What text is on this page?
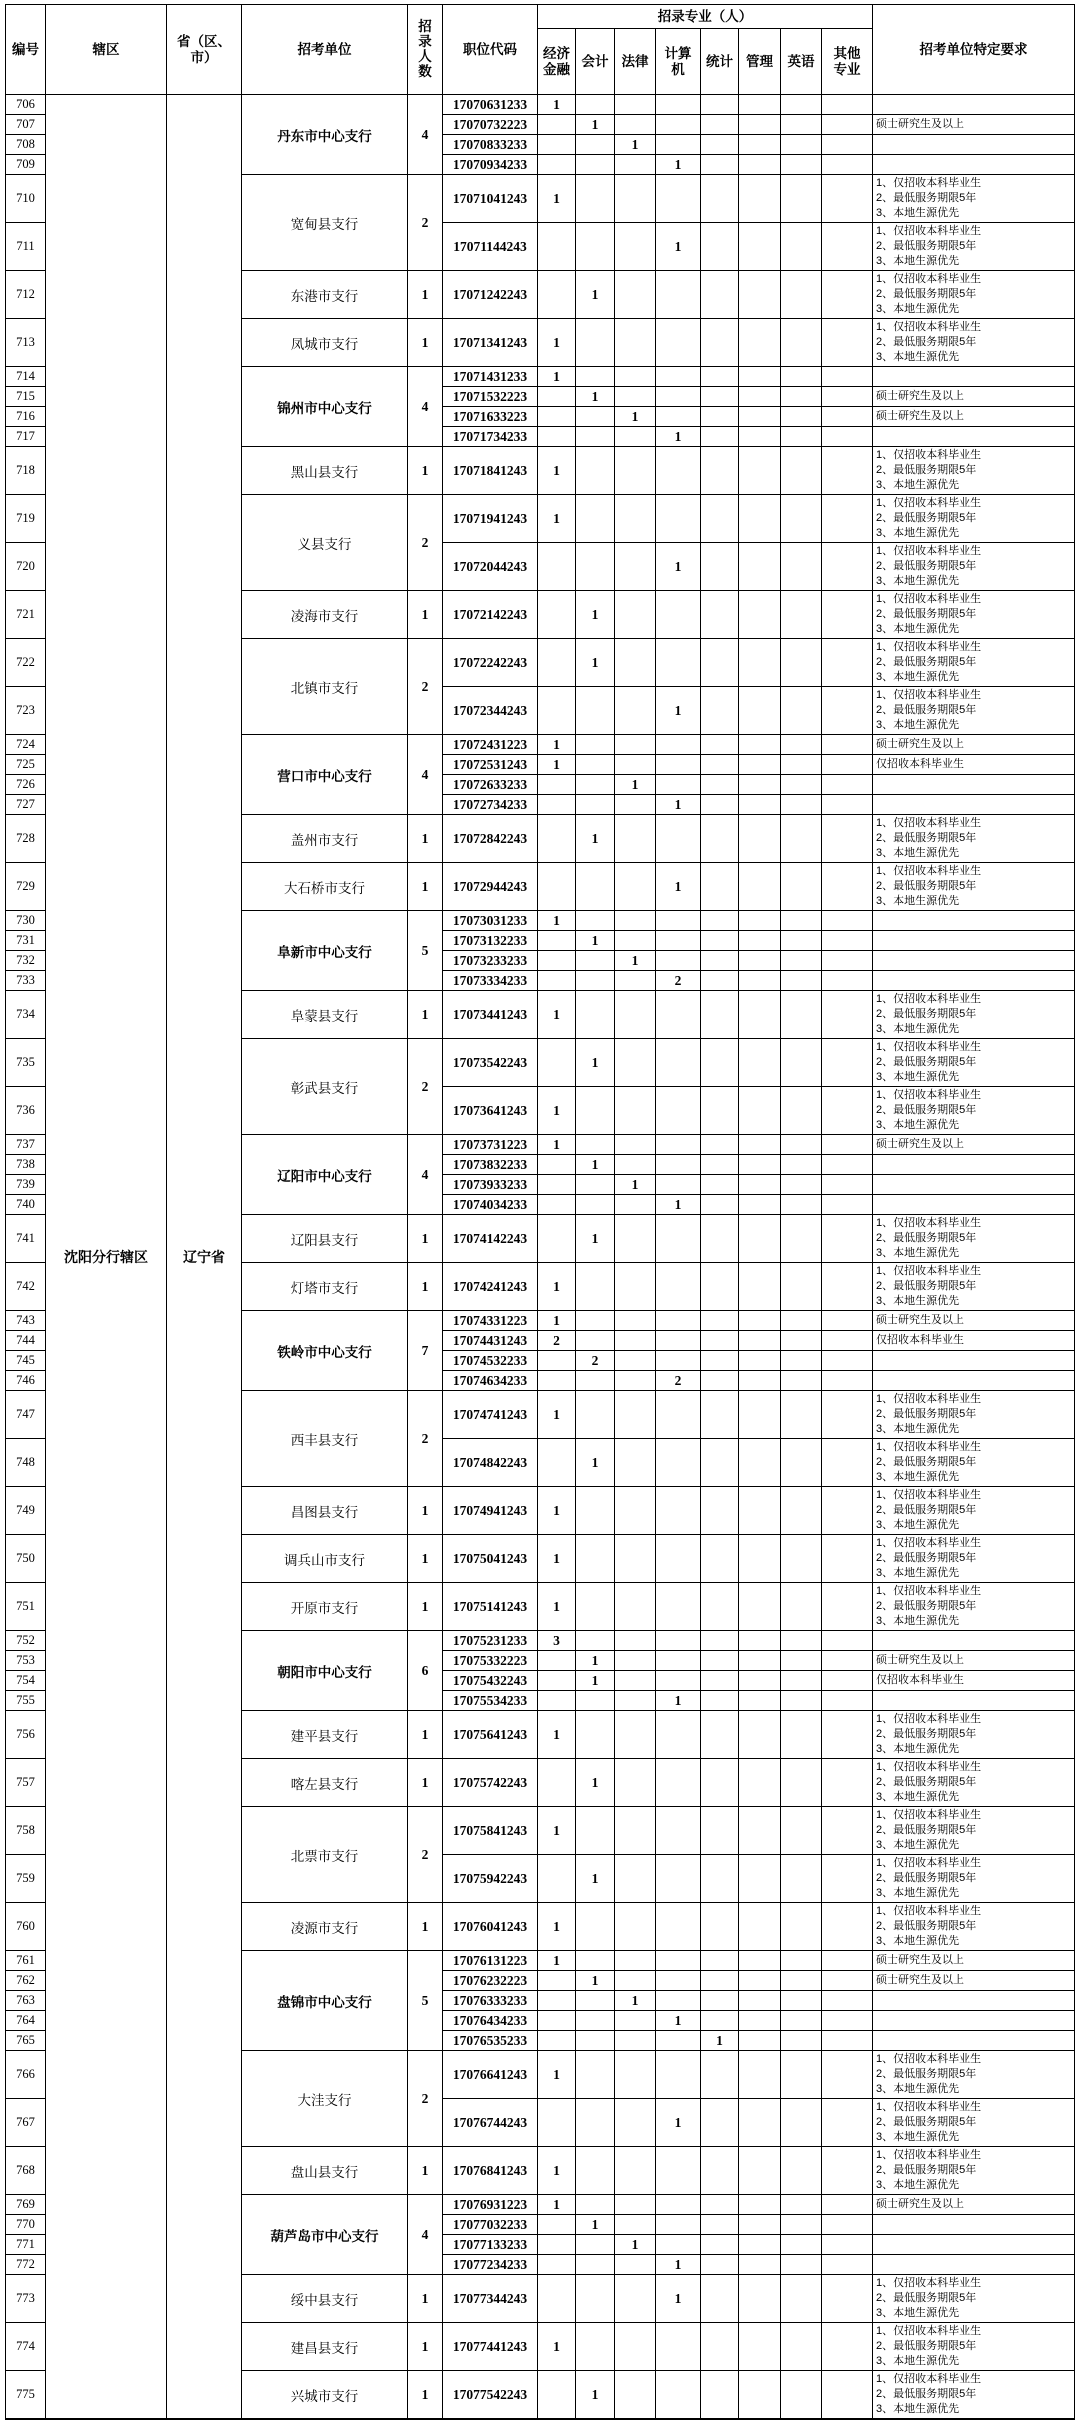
编号	辖区	省（区、市）	招考单位	招录人数	职位代码	招录专业（人）								招考单位特定要求
						经济金融	会计	法律	计算机	统计	管理	英语	其他专业	
706	沈阳分行辖区	辽宁省	丹东市中心支行	4	17070631233	1								
707					17070732223		1							硕士研究生及以上
708					17070833233			1						
709					17070934233				1					
710			宽甸县支行	2	17071041243	1								1、仅招收本科毕业生
2、最低服务期限5年
3、本地生源优先

711					17071144243				1					1、仅招收本科毕业生
2、最低服务期限5年
3、本地生源优先

712			东港市支行	1	17071242243		1							1、仅招收本科毕业生
2、最低服务期限5年
3、本地生源优先

713			凤城市支行	1	17071341243	1								1、仅招收本科毕业生
2、最低服务期限5年
3、本地生源优先

714			锦州市中心支行	4	17071431233	1								
715					17071532223		1							硕士研究生及以上
716					17071633223			1						硕士研究生及以上
717					17071734233				1					
718			黑山县支行	1	17071841243	1								1、仅招收本科毕业生
2、最低服务期限5年
3、本地生源优先

719			义县支行	2	17071941243	1								1、仅招收本科毕业生
2、最低服务期限5年
3、本地生源优先

720					17072044243				1					1、仅招收本科毕业生
2、最低服务期限5年
3、本地生源优先

721			凌海市支行	1	17072142243		1							1、仅招收本科毕业生
2、最低服务期限5年
3、本地生源优先

722			北镇市支行	2	17072242243		1							1、仅招收本科毕业生
2、最低服务期限5年
3、本地生源优先

723					17072344243				1					1、仅招收本科毕业生
2、最低服务期限5年
3、本地生源优先

724			营口市中心支行	4	17072431223	1								硕士研究生及以上
725					17072531243	1								仅招收本科毕业生
726					17072633233			1						
727					17072734233				1					
728			盖州市支行	1	17072842243		1							1、仅招收本科毕业生
2、最低服务期限5年
3、本地生源优先

729			大石桥市支行	1	17072944243				1					1、仅招收本科毕业生
2、最低服务期限5年
3、本地生源优先

730			阜新市中心支行	5	17073031233	1								
731					17073132233		1							
732					17073233233			1						
733					17073334233				2					
734			阜蒙县支行	1	17073441243	1								1、仅招收本科毕业生
2、最低服务期限5年
3、本地生源优先

735			彰武县支行	2	17073542243		1							1、仅招收本科毕业生
2、最低服务期限5年
3、本地生源优先

736					17073641243	1								1、仅招收本科毕业生
2、最低服务期限5年
3、本地生源优先

737			辽阳市中心支行	4	17073731223	1								硕士研究生及以上
738					17073832233		1							
739					17073933233			1						
740					17074034233				1					
741			辽阳县支行	1	17074142243		1							1、仅招收本科毕业生
2、最低服务期限5年
3、本地生源优先

742			灯塔市支行	1	17074241243	1								1、仅招收本科毕业生
2、最低服务期限5年
3、本地生源优先

743			铁岭市中心支行	7	17074331223	1								硕士研究生及以上
744					17074431243	2								仅招收本科毕业生
745					17074532233		2							
746					17074634233				2					
747			西丰县支行	2	17074741243	1								1、仅招收本科毕业生
2、最低服务期限5年
3、本地生源优先

748					17074842243		1							1、仅招收本科毕业生
2、最低服务期限5年
3、本地生源优先

749			昌图县支行	1	17074941243	1								1、仅招收本科毕业生
2、最低服务期限5年
3、本地生源优先

750			调兵山市支行	1	17075041243	1								1、仅招收本科毕业生
2、最低服务期限5年
3、本地生源优先

751			开原市支行	1	17075141243	1								1、仅招收本科毕业生
2、最低服务期限5年
3、本地生源优先

752			朝阳市中心支行	6	17075231233	3								
753					17075332223		1							硕士研究生及以上
754					17075432243		1							仅招收本科毕业生
755					17075534233				1					
756			建平县支行	1	17075641243	1								1、仅招收本科毕业生
2、最低服务期限5年
3、本地生源优先

757			喀左县支行	1	17075742243		1							1、仅招收本科毕业生
2、最低服务期限5年
3、本地生源优先

758			北票市支行	2	17075841243	1								1、仅招收本科毕业生
2、最低服务期限5年
3、本地生源优先

759					17075942243		1							1、仅招收本科毕业生
2、最低服务期限5年
3、本地生源优先

760			凌源市支行	1	17076041243	1								1、仅招收本科毕业生
2、最低服务期限5年
3、本地生源优先

761			盘锦市中心支行	5	17076131223	1								硕士研究生及以上
762					17076232223		1							硕士研究生及以上
763					17076333233			1						
764					17076434233				1					
765					17076535233					1				
766			大洼支行	2	17076641243	1								1、仅招收本科毕业生
2、最低服务期限5年
3、本地生源优先

767					17076744243				1					1、仅招收本科毕业生
2、最低服务期限5年
3、本地生源优先

768			盘山县支行	1	17076841243	1								1、仅招收本科毕业生
2、最低服务期限5年
3、本地生源优先

769			葫芦岛市中心支行	4	17076931223	1								硕士研究生及以上
770					17077032233		1							
771					17077133233			1						
772					17077234233				1					
773			绥中县支行	1	17077344243				1					1、仅招收本科毕业生
2、最低服务期限5年
3、本地生源优先

774			建昌县支行	1	17077441243	1								1、仅招收本科毕业生
2、最低服务期限5年
3、本地生源优先

775			兴城市支行	1	17077542243		1							1、仅招收本科毕业生
2、最低服务期限5年
3、本地生源优先
